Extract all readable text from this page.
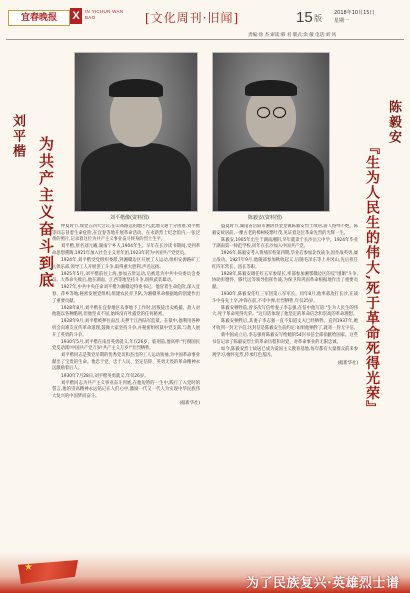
宜春晚报	X	IN YICHUN WAN BAO	[文化周刊·旧闻]	15 版
2018年10月15日
星期一
责编:徐 杰 审读:韩 君 版式:余 敏 电话:刘 风
刘平楷像(资料图)
刘平楷 为共产主义奋斗到底	仲夏时节,瑞金五四大会议,在山高路远的地区内,此地交通十分困难,刘平楷等同志冒着生命危险,在宜春等地开展革命活动。在永新烈士纪念馆内,一张泛黄的照片,记录着这位为共产主义事业奋斗终身的烈士生平。

刘平楷,原名刘元曦,湖南宁乡人,1904年生。早年在长沙读书期间,受到革命思想熏陶,1921年加入社会主义青年团,1923年转为中国共产党党员。

1924年,刘平楷受党组织委派,到湘赣边区开展工人运动,组织安源路矿工人俱乐部,领导工人开展罢工斗争,取得重大胜利,声名远扬。

1925年5月,刘平楷前往上海,参加五卅运动,后被选为中共中央委员会委员。大革命失败后,他在湖南、江西等地坚持斗争,组织武装暴动。

1927年,中共中央任命刘平楷为湘赣边特委书记。他冒着生命危险,深入宜春、萍乡等地,秘密发展党组织,组建农民赤卫队,为湘赣革命根据地的创建作出了重要贡献。

1928年8月,刘平楷在宜春地区从事地下工作时,因叛徒出卖被捕。敌人对他施以各种酷刑,但他坚贞不屈,始终没有吐露党的任何秘密。

1928年9月,刘平楷被押往南昌,关押于江西陆军监狱。在狱中,他利用各种机会向难友宣传革命道理,鼓舞大家坚持斗争,并秘密组织狱中党支部,与敌人展开了英勇的斗争。

1930年5月,刘平楷在南昌英勇就义,年仅26岁。临刑前,他高呼:"打倒国民党反动派!中国共产党万岁!共产主义万岁!"壮烈牺牲。

刘平楷同志是我党早期的优秀党员和杰出的工人运动领袖,为中国革命事业献出了宝贵的生命。他忠于党、忠于人民、坚定信仰、英勇无畏的革命精神永远激励着后人。

1930年7月28日,刘平楷英勇就义,年仅26岁。

刘平楷同志为共产主义事业奋斗到底,在他短暂的一生中,践行了入党时的誓言,他的崇高精神永远铭记在人们心中,激励一代又一代人为实现中华民族伟大复兴的中国梦而奋斗。

(据新华社)
陈毅安(资料图)
陈毅安
『生为人民生的伟大,死于革命死得光荣』

盛夏时节,湖南省岳阳市湘阴县金龙镇陈毅安烈士故居,游人络绎不绝。陈毅安故居前,一棵古老的樟树枝繁叶茂,见证着这位革命先烈的光辉一生。

陈毅安,1905年出生于湖南湘阴,早年就读于长沙岳云中学。1924年毕业于湖南第一师范学校,同年在长沙加入中国共产党。

1926年,陈毅安考入黄埔军校第四期,毕业后参加北伐战争,因作战英勇,屡立战功。1927年9月,他随部参加秋收起义,后随毛泽东等上井冈山,先后担任红四军营长、团长等职。

1928年,陈毅安调任红五军参谋长,率部参加湘鄂赣边区的反"围剿"斗争,协助彭德怀、滕代远等领导指挥作战,为保卫和巩固革命根据地作出了重要贡献。

1930年,陈毅安任红三军团第八军军长。同年8月,他率部攻打长沙,在战斗中身先士卒,冲锋在前,不幸中弹,壮烈牺牲,年仅25岁。

陈毅安牺牲前,曾多次写信给妻子李志强,在信中他写道:"生为人民生的伟大,死于革命死得光荣。"这句话体现了他坚定的革命信念和崇高的革命理想。

陈毅安牺牲后,其妻子李志强一直不知道丈夫已经牺牲。直到1937年,她才收到一封无字信,这封信是陈毅安生前约定:如果他牺牲了,就寄一封无字信。

新中国成立后,李志强将陈毅安写给她的54封书信全部捐献给国家。这些书信记录了陈毅安烈士的革命历程和对党、对革命事业的无限忠诚。

如今,陈毅安烈士故居已成为爱国主义教育基地,每年都有大量群众前来参观学习,缅怀先烈,传承红色基因。

(据新华社)
★
为了民族复兴·英雄烈士谱
